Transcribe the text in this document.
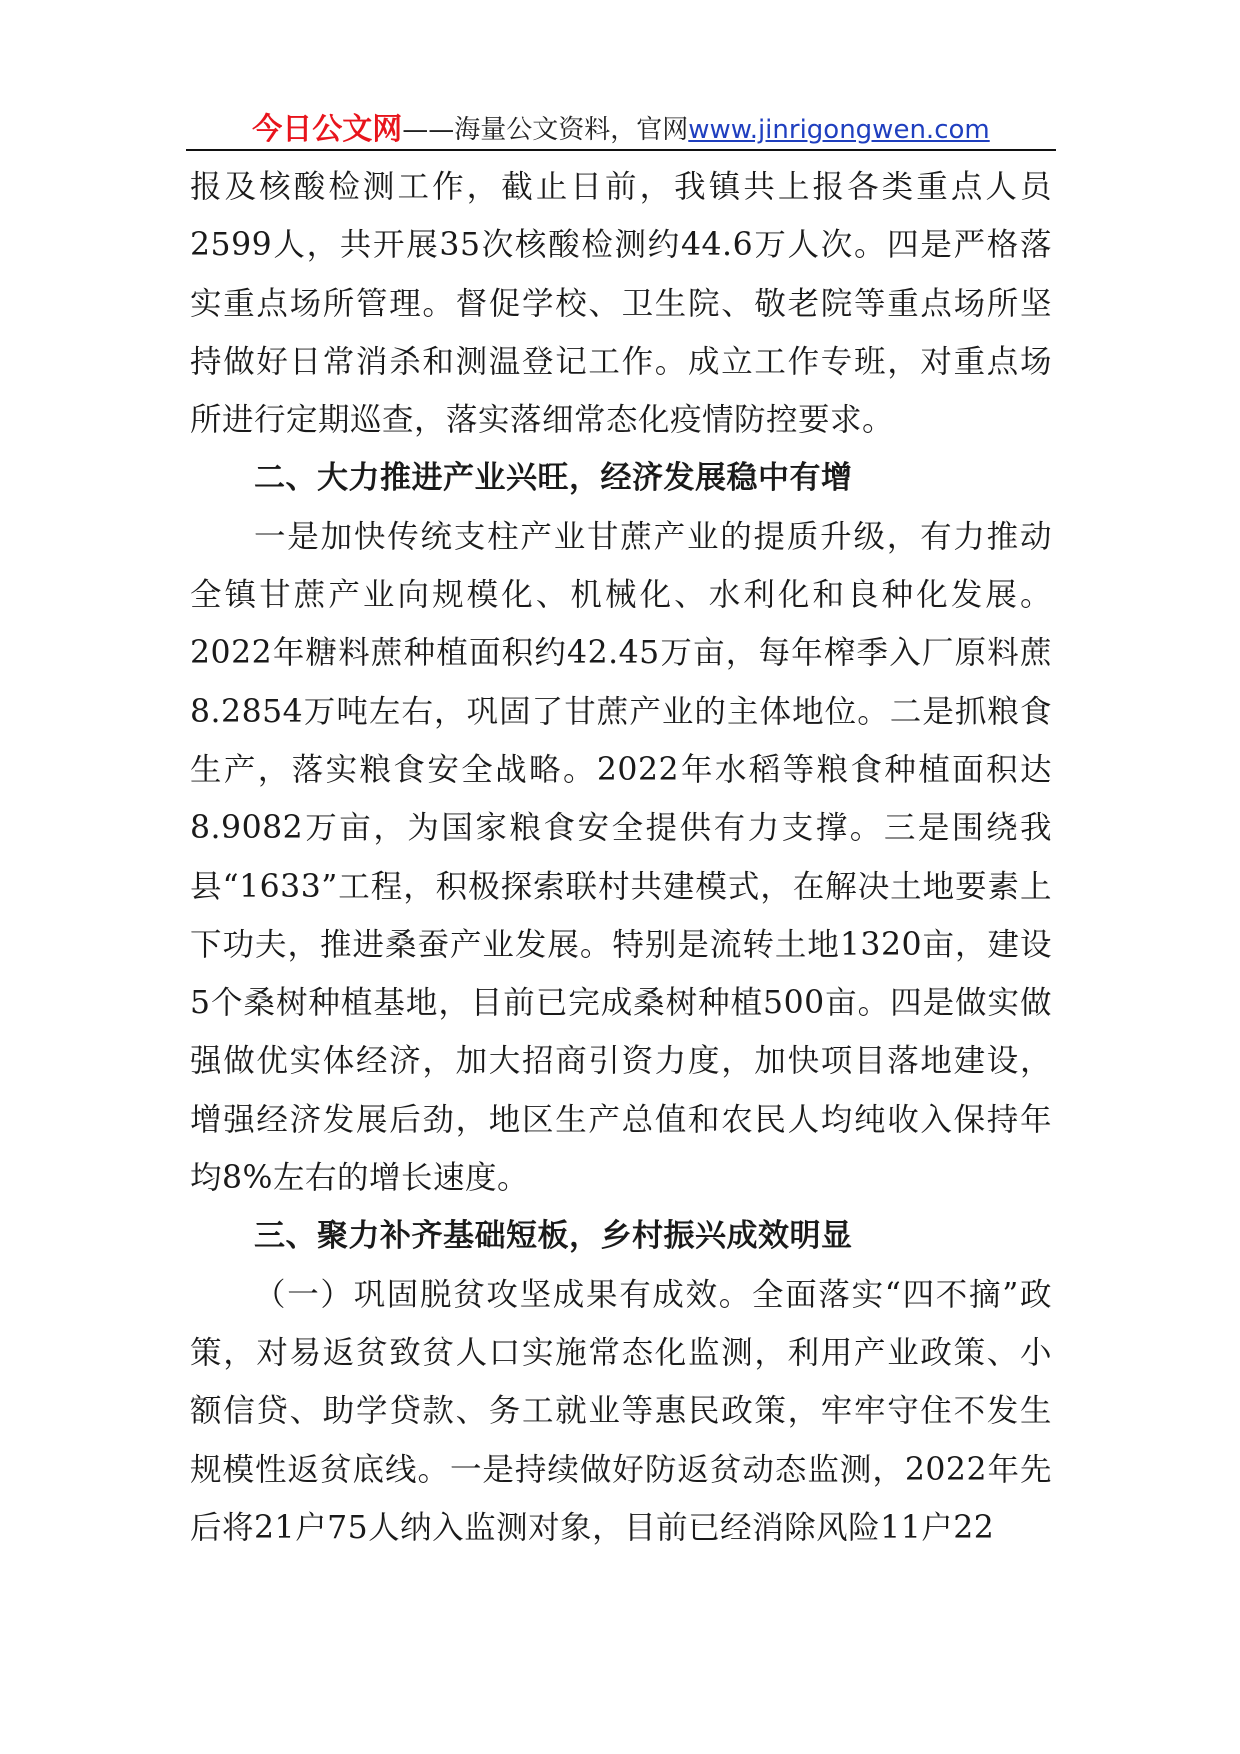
今日公文网 ——海量公文资料，官网 www.jinrigongwen.com

报及核酸检测工作，截止日前，我镇共上报各类重点人员2599人，共开展35次核酸检测约44.6万人次。四是严格落实重点场所管理。督促学校、卫生院、敬老院等重点场所坚持做好日常消杀和测温登记工作。成立工作专班，对重点场所进行定期巡查，落实落细常态化疫情防控要求。

二、大力推进产业兴旺，经济发展稳中有增

一是加快传统支柱产业甘蔗产业的提质升级，有力推动全镇甘蔗产业向规模化、机械化、水利化和良种化发展。2022年糖料蔗种植面积约42.45万亩，每年榨季入厂原料蔗8.2854万吨左右，巩固了甘蔗产业的主体地位。二是抓粮食生产，落实粮食安全战略。2022年水稻等粮食种植面积达8.9082万亩，为国家粮食安全提供有力支撑。三是围绕我县“1633”工程，积极探索联村共建模式，在解决土地要素上下功夫，推进桑蚕产业发展。特别是流转土地1320亩，建设5个桑树种植基地，目前已完成桑树种植500亩。四是做实做强做优实体经济，加大招商引资力度，加快项目落地建设，增强经济发展后劲，地区生产总值和农民人均纯收入保持年均8%左右的增长速度。

三、聚力补齐基础短板，乡村振兴成效明显

（一）巩固脱贫攻坚成果有成效。全面落实“四不摘”政策，对易返贫致贫人口实施常态化监测，利用产业政策、小额信贷、助学贷款、务工就业等惠民政策，牢牢守住不发生规模性返贫底线。一是持续做好防返贫动态监测，2022年先后将21户75人纳入监测对象，目前已经消除风险11户22
